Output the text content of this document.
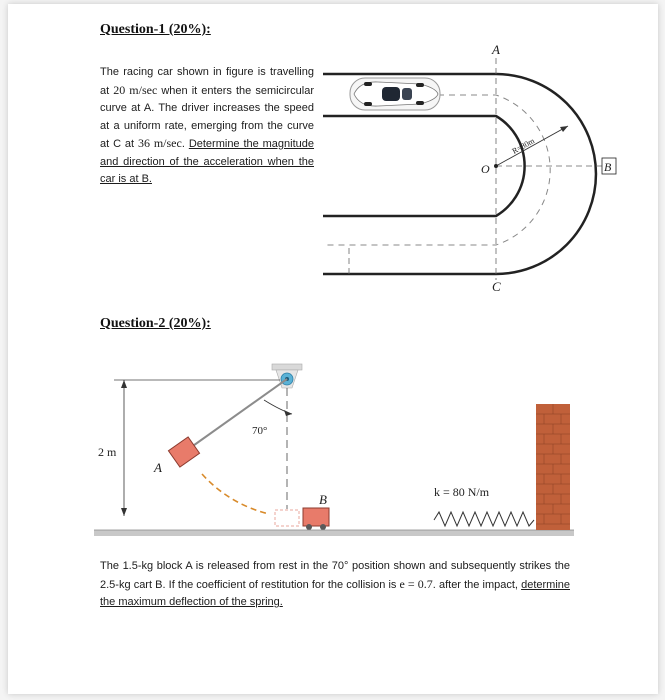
Question-1 (20%):
The racing car shown in figure is travelling at 20 m/sec when it enters the semicircular curve at A. The driver increases the speed at a uniform rate, emerging from the curve at C at 36 m/sec. Determine the magnitude and direction of the acceleration when the car is at B.
A
O
C
B
R=80m
Question-2 (20%):
2 m
70°
A
B	k = 80 N/m
The 1.5-kg block A is released from rest in the 70° position shown and subsequently strikes the 2.5-kg cart B. If the coefficient of restitution for the collision is e = 0.7. after the impact, determine the maximum deflection of the spring.
